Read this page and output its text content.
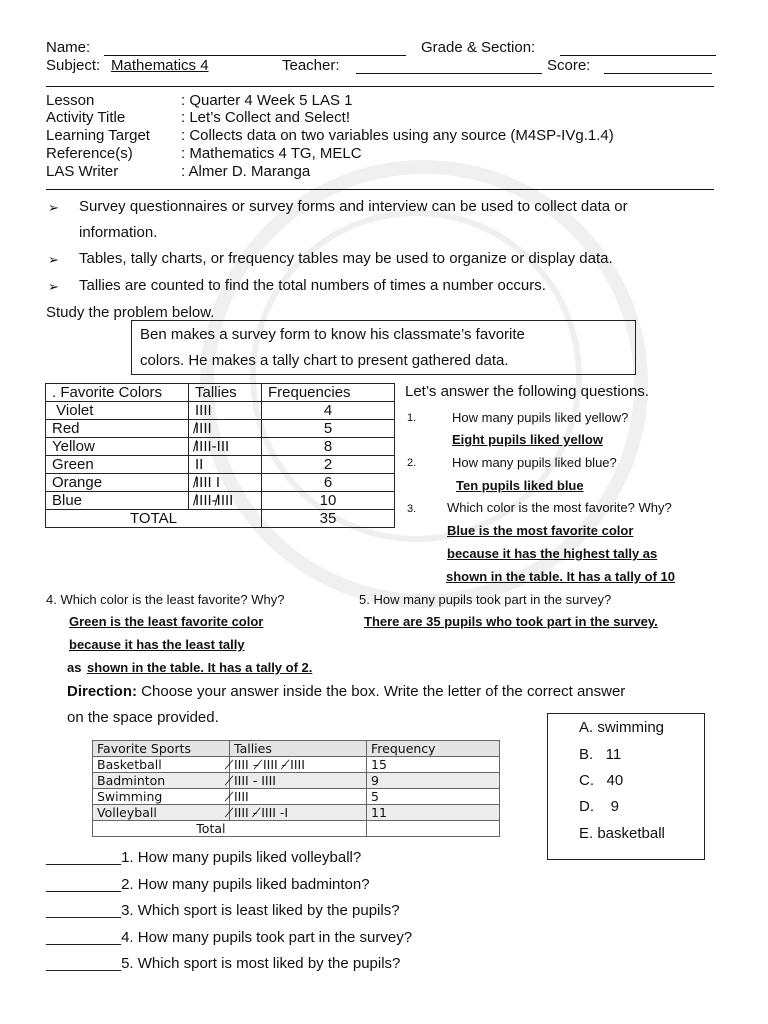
Name:	Grade & Section:
Subject: Mathematics 4	Teacher:	Score:
Lesson	: Quarter 4 Week 5 LAS 1
Activity Title	: Let’s Collect and Select!
Learning Target : Collects data on two variables using any source (M4SP-IVg.1.4)
Reference(s)	: Mathematics 4 TG, MELC
LAS Writer	: Almer D. Maranga
➢ Survey questionnaires or survey forms and interview can be used to collect data or
information.
➢ Tables, tally charts, or frequency tables may be used to organize or display data.
➢ Tallies are counted to find the total numbers of times a number occurs.
Study the problem below.
Ben makes a survey form to know his classmate’s favorite
colors. He makes a tally chart to present gathered data.
. Favorite Colors	Tallies	Frequencies
Violet	IIII	4
Red	̸IIII	5
Yellow	̸IIII-III	8
Green	II	2
Orange	̸IIII I	6
Blue	̸IIII-̸IIII	10
TOTAL		35
Let’s answer the following questions.
1.	How many pupils liked yellow?
Eight pupils liked yellow
2.	How many pupils liked blue?
Ten pupils liked blue
3. Which color is the most favorite? Why?
Blue is the most favorite color
because it has the highest tally as
shown in the table. It has a tally of 10
4. Which color is the least favorite? Why?
Green is the least favorite color
because it has the least tally
as shown in the table. It has a tally of 2.
5. How many pupils took part in the survey?
There are 35 pupils who took part in the survey.
Direction: Choose your answer inside the box. Write the letter of the correct answer
on the space provided.
A. swimming
B.   11
C.   40
D.    9
E. basketball
Favorite Sports	Tallies	Frequency
Basketball	̸IIII – ̸IIII - ̸IIII	15
Badminton	̸IIII - IIII	9
Swimming	̸IIII	5
Volleyball	̸IIII - ̸IIII -I	11
Total		
_________1. How many pupils liked volleyball?
_________2. How many pupils liked badminton?
_________3. Which sport is least liked by the pupils?
_________4. How many pupils took part in the survey?
_________5. Which sport is most liked by the pupils?
